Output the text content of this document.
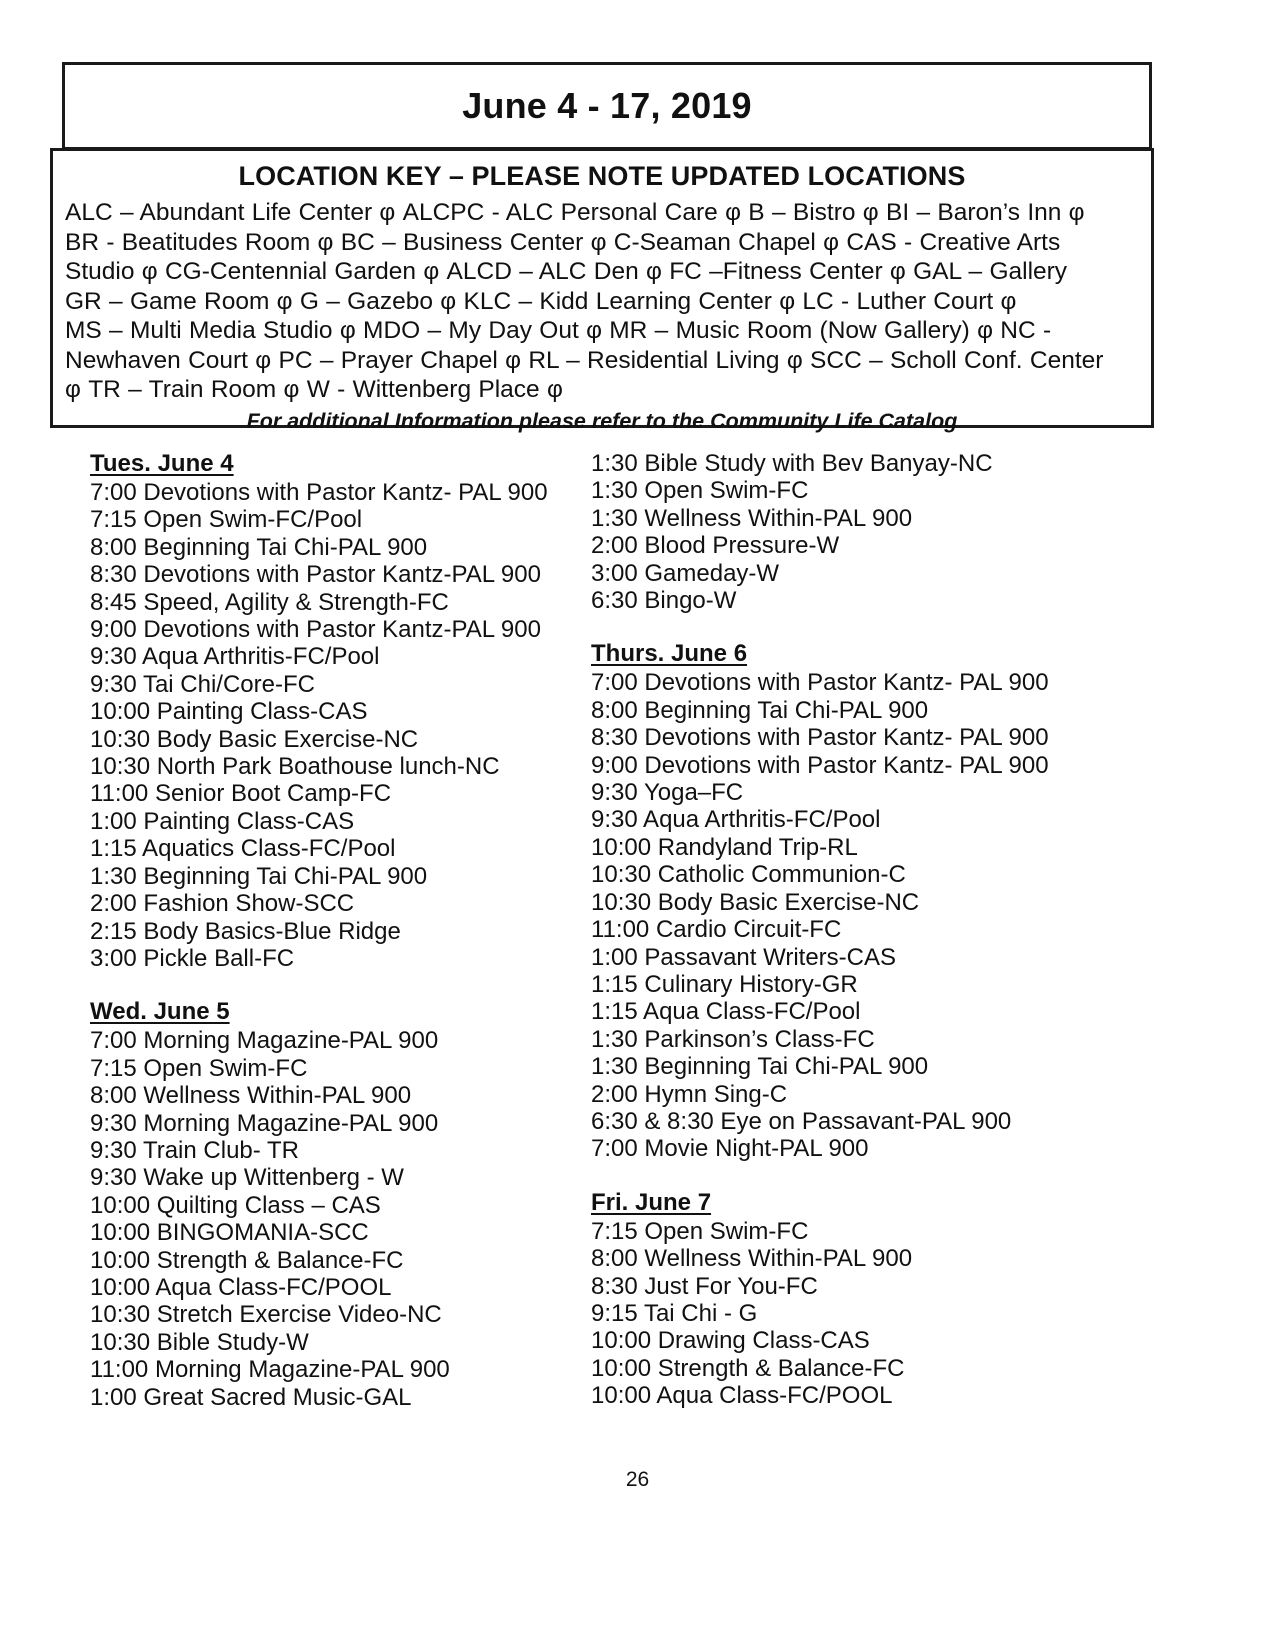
June 4 - 17, 2019
LOCATION KEY – PLEASE NOTE UPDATED LOCATIONS
ALC – Abundant Life Center φ ALCPC - ALC Personal Care φ B – Bistro φ BI – Baron’s Inn φ
BR - Beatitudes Room φ BC – Business Center φ C-Seaman Chapel φ CAS - Creative Arts
Studio φ CG-Centennial Garden φ ALCD – ALC Den φ FC –Fitness Center φ GAL – Gallery
GR – Game Room φ G – Gazebo φ KLC – Kidd Learning Center φ LC - Luther Court φ
MS – Multi Media Studio φ MDO – My Day Out φ MR – Music Room (Now Gallery) φ NC -
Newhaven Court φ PC – Prayer Chapel φ RL – Residential Living φ SCC – Scholl Conf. Center
φ TR – Train Room φ W - Wittenberg Place φ
For additional Information please refer to the Community Life Catalog
Tues. June 4
7:00 Devotions with Pastor Kantz- PAL 900
7:15 Open Swim-FC/Pool
8:00 Beginning Tai Chi-PAL 900
8:30 Devotions with Pastor Kantz-PAL 900
8:45 Speed, Agility & Strength-FC
9:00 Devotions with Pastor Kantz-PAL 900
9:30 Aqua Arthritis-FC/Pool
9:30 Tai Chi/Core-FC
10:00 Painting Class-CAS
10:30 Body Basic Exercise-NC
10:30 North Park Boathouse lunch-NC
11:00 Senior Boot Camp-FC
1:00 Painting Class-CAS
1:15 Aquatics Class-FC/Pool
1:30 Beginning Tai Chi-PAL 900
2:00 Fashion Show-SCC
2:15 Body Basics-Blue Ridge
3:00 Pickle Ball-FC
Wed. June 5
7:00 Morning Magazine-PAL 900
7:15 Open Swim-FC
8:00 Wellness Within-PAL 900
9:30 Morning Magazine-PAL 900
9:30 Train Club- TR
9:30 Wake up Wittenberg - W
10:00 Quilting Class – CAS
10:00 BINGOMANIA-SCC
10:00 Strength & Balance-FC
10:00 Aqua Class-FC/POOL
10:30 Stretch Exercise Video-NC
10:30 Bible Study-W
11:00 Morning Magazine-PAL 900
1:00 Great Sacred Music-GAL
1:30 Bible Study with Bev Banyay-NC
1:30 Open Swim-FC
1:30 Wellness Within-PAL 900
2:00 Blood Pressure-W
3:00 Gameday-W
6:30 Bingo-W
Thurs. June 6
7:00 Devotions with Pastor Kantz- PAL 900
8:00 Beginning Tai Chi-PAL 900
8:30 Devotions with Pastor Kantz- PAL 900
9:00 Devotions with Pastor Kantz- PAL 900
9:30 Yoga–FC
9:30 Aqua Arthritis-FC/Pool
10:00 Randyland Trip-RL
10:30 Catholic Communion-C
10:30 Body Basic Exercise-NC
11:00 Cardio Circuit-FC
1:00 Passavant Writers-CAS
1:15 Culinary History-GR
1:15 Aqua Class-FC/Pool
1:30 Parkinson’s Class-FC
1:30 Beginning Tai Chi-PAL 900
2:00 Hymn Sing-C
6:30 & 8:30 Eye on Passavant-PAL 900
7:00 Movie Night-PAL 900
Fri. June 7
7:15 Open Swim-FC
8:00 Wellness Within-PAL 900
8:30 Just For You-FC
9:15 Tai Chi - G
10:00 Drawing Class-CAS
10:00 Strength & Balance-FC
10:00 Aqua Class-FC/POOL
26
